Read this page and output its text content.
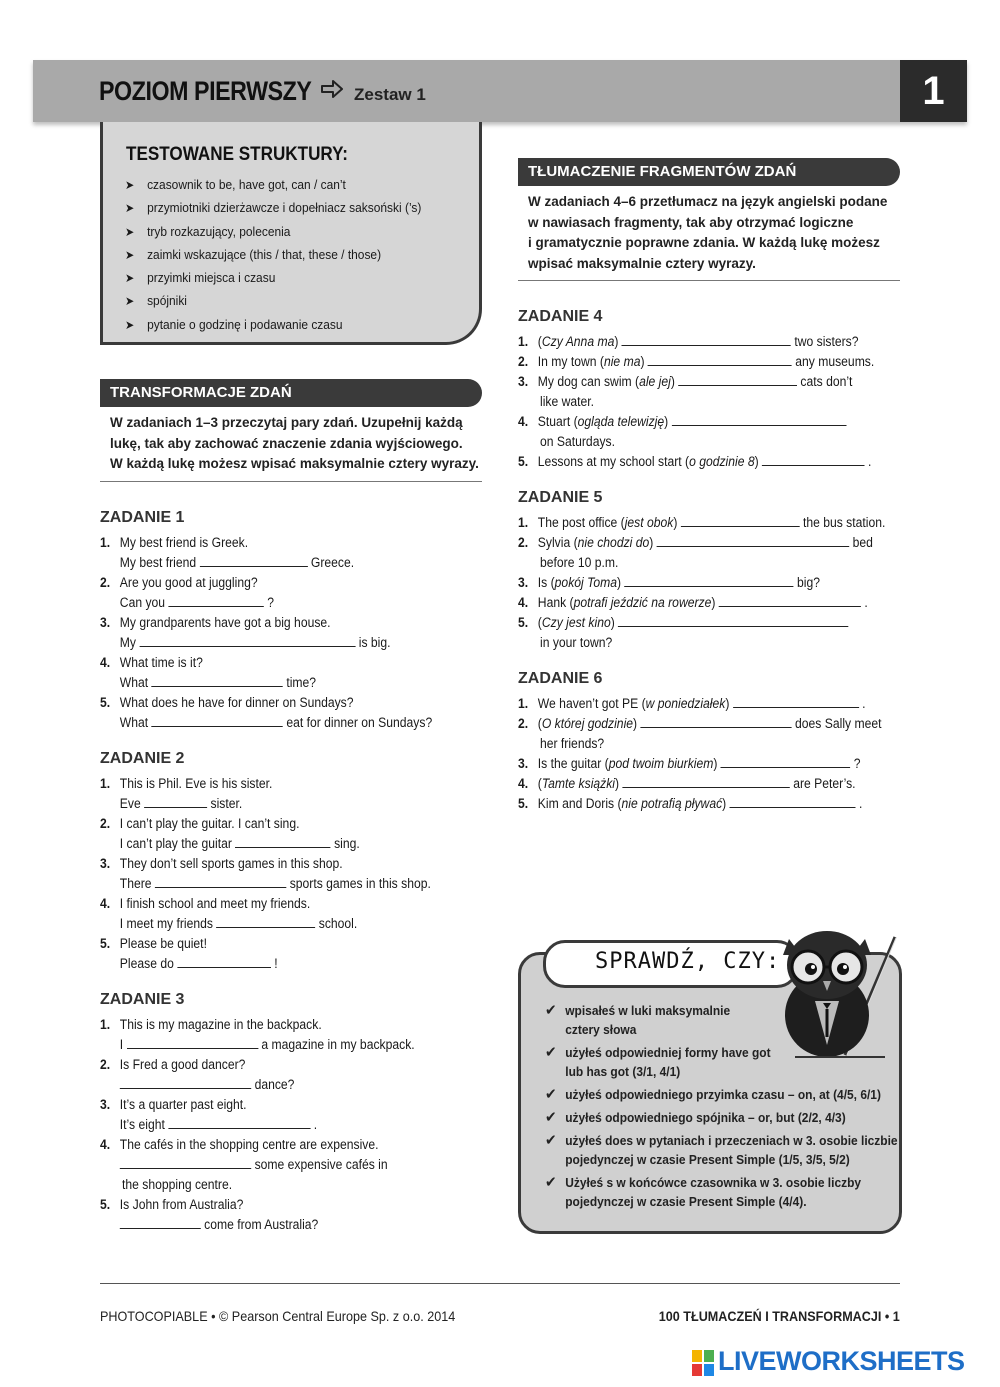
POZIOM PIERWSZY	Zestaw 1	1
TESTOWANE STRUKTURY:
➤ czasownik to be, have got, can / can’t
➤ przymiotniki dzierżawcze i dopełniacz saksoński (’s)
➤ tryb rozkazujący, polecenia
➤ zaimki wskazujące (this / that, these / those)
➤ przyimki miejsca i czasu
➤ spójniki
➤ pytanie o godzinę i podawanie czasu
TRANSFORMACJE ZDAŃ
W zadaniach 1–3 przeczytaj pary zdań. Uzupełnij każdą
lukę, tak aby zachować znaczenie zdania wyjściowego.
W każdą lukę możesz wpisać maksymalnie cztery wyrazy.
ZADANIE 1
1. My best friend is Greek.
My best friend	Greece.
2. Are you good at juggling?
Can you	?
3. My grandparents have got a big house.
My	is big.
4. What time is it?
What	time?
5. What does he have for dinner on Sundays?
What	eat for dinner on Sundays?
ZADANIE 2
1. This is Phil. Eve is his sister.
Eve	sister.
2. I can’t play the guitar. I can’t sing.
I can’t play the guitar	sing.
3. They don’t sell sports games in this shop.
There	sports games in this shop.
4. I finish school and meet my friends.
I meet my friends	school.
5. Please be quiet!
Please do	!
ZADANIE 3
1. This is my magazine in the backpack.
I	a magazine in my backpack.
2. Is Fred a good dancer?
dance?
3. It’s a quarter past eight.
It’s eight	.
4. The cafés in the shopping centre are expensive.
some expensive cafés in
the shopping centre.
5. Is John from Australia?
come from Australia?
TŁUMACZENIE FRAGMENTÓW ZDAŃ
W zadaniach 4–6 przetłumacz na język angielski podane
w nawiasach fragmenty, tak aby otrzymać logiczne
i gramatycznie poprawne zdania. W każdą lukę możesz
wpisać maksymalnie cztery wyrazy.
ZADANIE 4
1. (Czy Anna ma)	two sisters?
2. In my town (nie ma)	any museums.
3. My dog can swim (ale jej)	cats don’t
like water.
4. Stuart (ogląda telewizję)
on Saturdays.
5. Lessons at my school start (o godzinie 8)	.
ZADANIE 5
1. The post office (jest obok)	the bus station.
2. Sylvia (nie chodzi do)	bed
before 10 p.m.
3. Is (pokój Toma)	big?
4. Hank (potrafi jeździć na rowerze)	.
5. (Czy jest kino)
in your town?
ZADANIE 6
1. We haven’t got PE (w poniedziałek)	.
2. (O której godzinie)	does Sally meet
her friends?
3. Is the guitar (pod twoim biurkiem)	?
4. (Tamte książki)	are Peter’s.
5. Kim and Doris (nie potrafią pływać)	.
SPRAWDŹ, CZY:
✔ wpisałeś w luki maksymalnie
cztery słowa
✔ użyłeś odpowiedniej formy have got
lub has got (3/1, 4/1)
✔ użyłeś odpowiedniego przyimka czasu – on, at (4/5, 6/1)
✔ użyłeś odpowiedniego spójnika – or, but (2/2, 4/3)
✔ użyłeś does w pytaniach i przeczeniach w 3. osobie liczbie
pojedynczej w czasie Present Simple (1/5, 3/5, 5/2)
✔ Użyłeś s w końcówce czasownika w 3. osobie liczby
pojedynczej w czasie Present Simple (4/4).
PHOTOCOPIABLE • © Pearson Central Europe Sp. z o.o. 2014	100 TŁUMACZEŃ I TRANSFORMACJI • 1
LIVEWORKSHEETS
